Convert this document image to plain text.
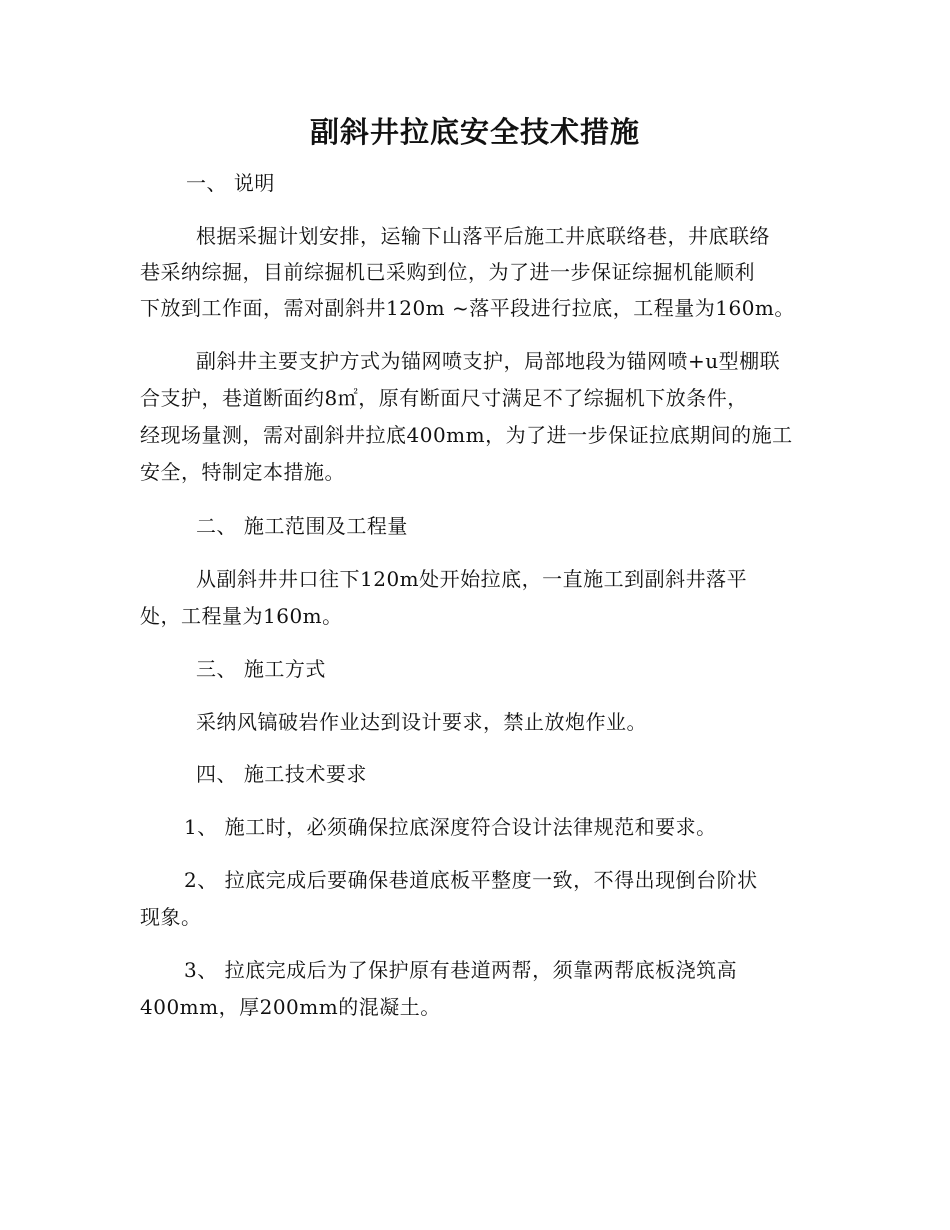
副斜井拉底安全技术措施
一、 说明
根据采掘计划安排，运输下山落平后施工井底联络巷，井底联络
巷采纳综掘，目前综掘机已采购到位，为了进一步保证综掘机能顺利
下放到工作面，需对副斜井120m ~落平段进行拉底，工程量为160m。
副斜井主要支护方式为锚网喷支护，局部地段为锚网喷+u型棚联
合支护，巷道断面约8㎡，原有断面尺寸满足不了综掘机下放条件，
经现场量测，需对副斜井拉底400mm，为了进一步保证拉底期间的施工
安全，特制定本措施。
二、 施工范围及工程量
从副斜井井口往下120m处开始拉底，一直施工到副斜井落平
处，工程量为160m。
三、 施工方式
采纳风镐破岩作业达到设计要求，禁止放炮作业。
四、 施工技术要求
1、 施工时，必须确保拉底深度符合设计法律规范和要求。
2、 拉底完成后要确保巷道底板平整度一致，不得出现倒台阶状
现象。
3、 拉底完成后为了保护原有巷道两帮，须靠两帮底板浇筑高
400mm，厚200mm的混凝土。
